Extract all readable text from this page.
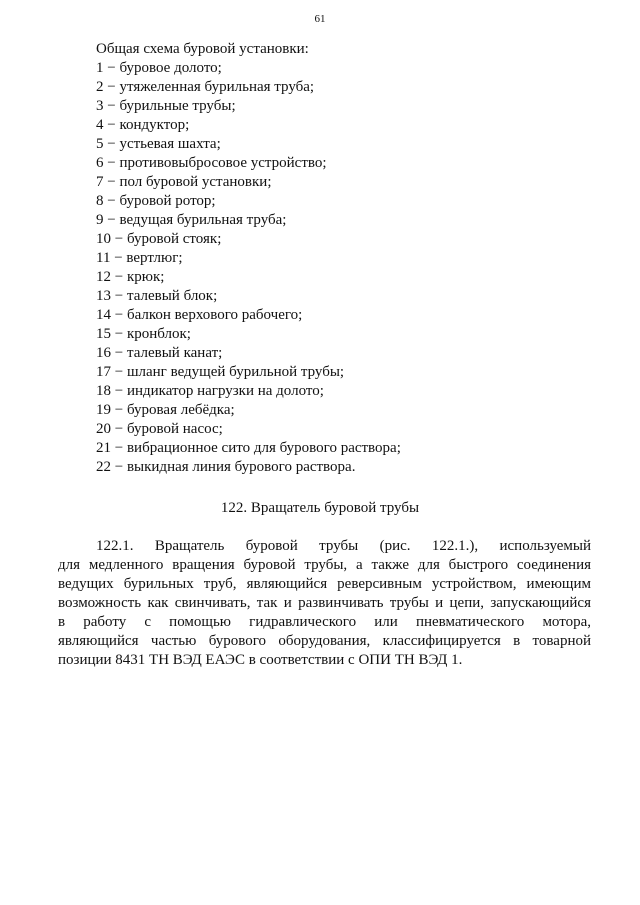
61
Общая схема буровой установки:
1 − буровое долото;
2 − утяжеленная бурильная труба;
3 − бурильные трубы;
4 − кондуктор;
5 − устьевая шахта;
6 − противовыбросовое устройство;
7 − пол буровой установки;
8 − буровой ротор;
9 − ведущая бурильная труба;
10 − буровой стояк;
11 − вертлюг;
12 − крюк;
13 − талевый блок;
14 − балкон верхового рабочего;
15 − кронблок;
16 − талевый канат;
17 − шланг ведущей бурильной трубы;
18 − индикатор нагрузки на долото;
19 − буровая лебёдка;
20 − буровой насос;
21 − вибрационное сито для бурового раствора;
22 − выкидная линия бурового раствора.
122. Вращатель буровой трубы
122.1. Вращатель буровой трубы (рис. 122.1.), используемый
для медленного вращения буровой трубы, а также для быстрого соединения
ведущих бурильных труб, являющийся реверсивным устройством, имеющим
возможность как свинчивать, так и развинчивать трубы и цепи, запускающийся
в работу с помощью гидравлического или пневматического мотора,
являющийся частью бурового оборудования, классифицируется в товарной
позиции 8431 ТН ВЭД ЕАЭС в соответствии с ОПИ ТН ВЭД 1.
